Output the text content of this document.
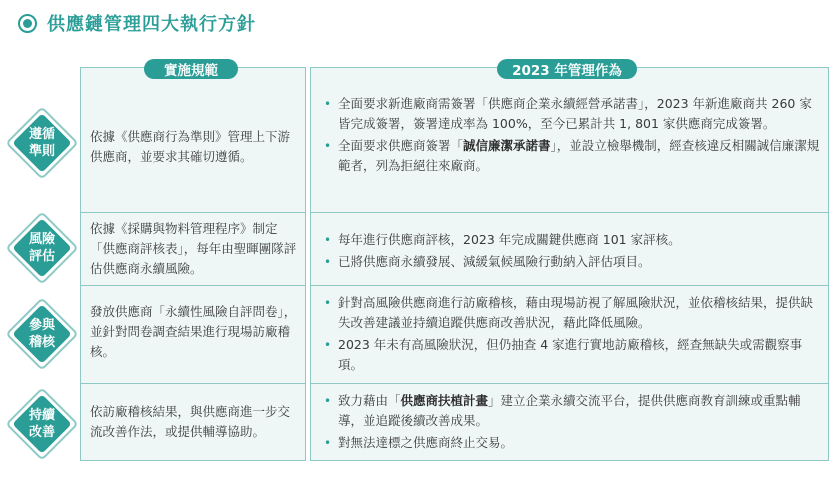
供應鏈管理四大執行方針
實施規範	2023 年管理作為
遵循
準則
依據《供應商行為準則》管理上下游供應商，並要求其確切遵循。
• 全面要求新進廠商需簽署「供應商企業永續經營承諾書」，2023 年新進廠商共 260 家皆完成簽署，簽署達成率為 100%，至今已累計共 1, 801 家供應商完成簽署。
• 全面要求供應商簽署「誠信廉潔承諾書」，並設立檢舉機制，經查核違反相關誠信廉潔規範者，列為拒絕往來廠商。
風險
評估
依據《採購與物料管理程序》制定「供應商評核表」，每年由聖暉團隊評估供應商永續風險。
• 每年進行供應商評核，2023 年完成關鍵供應商 101 家評核。
• 已將供應商永續發展、減緩氣候風險行動納入評估項目。
參與
稽核
發放供應商「永續性風險自評問卷」，並針對問卷調查結果進行現場訪廠稽核。
• 針對高風險供應商進行訪廠稽核，藉由現場訪視了解風險狀況，並依稽核結果，提供缺失改善建議並持續追蹤供應商改善狀況，藉此降低風險。
• 2023 年未有高風險狀況，但仍抽查 4 家進行實地訪廠稽核，經查無缺失或需觀察事項。
持續
改善
依訪廠稽核結果，與供應商進一步交流改善作法，或提供輔導協助。
• 致力藉由「供應商扶植計畫」建立企業永續交流平台，提供供應商教育訓練或重點輔導，並追蹤後續改善成果。
• 對無法達標之供應商終止交易。
